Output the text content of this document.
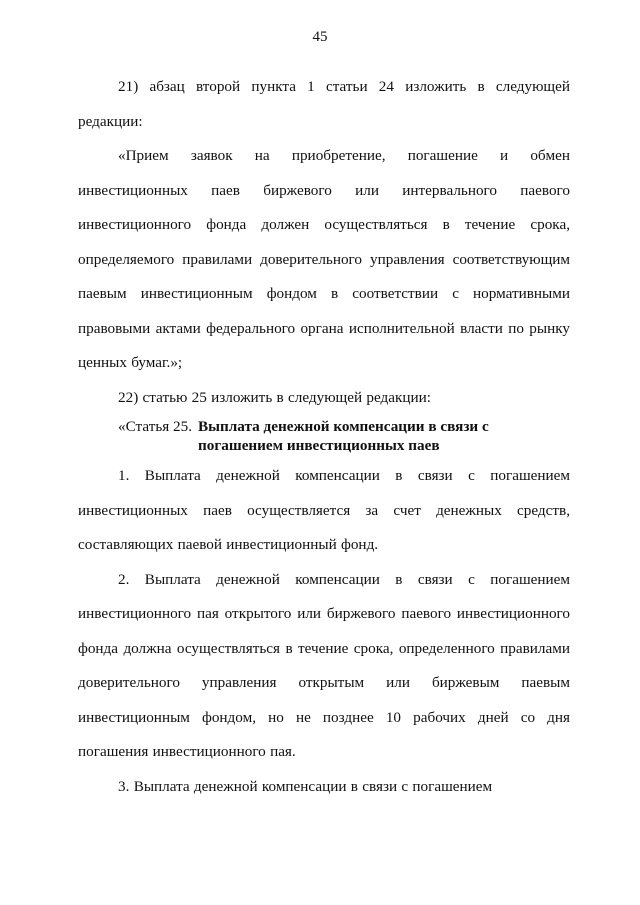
45

21) абзац второй пункта 1 статьи 24 изложить в следующей редакции:

«Прием заявок на приобретение, погашение и обмен инвестиционных паев биржевого или интервального паевого инвестиционного фонда должен осуществляться в течение срока, определяемого правилами доверительного управления соответствующим паевым инвестиционным фондом в соответствии с нормативными правовыми актами федерального органа исполнительной власти по рынку ценных бумаг.»;

22) статью 25 изложить в следующей редакции:

«Статья 25. Выплата денежной компенсации в связи с
погашением инвестиционных паев

1. Выплата денежной компенсации в связи с погашением инвестиционных паев осуществляется за счет денежных средств, составляющих паевой инвестиционный фонд.

2. Выплата денежной компенсации в связи с погашением инвестиционного пая открытого или биржевого паевого инвестиционного фонда должна осуществляться в течение срока, определенного правилами доверительного управления открытым или биржевым паевым инвестиционным фондом, но не позднее 10 рабочих дней со дня погашения инвестиционного пая.

3. Выплата денежной компенсации в связи с погашением
